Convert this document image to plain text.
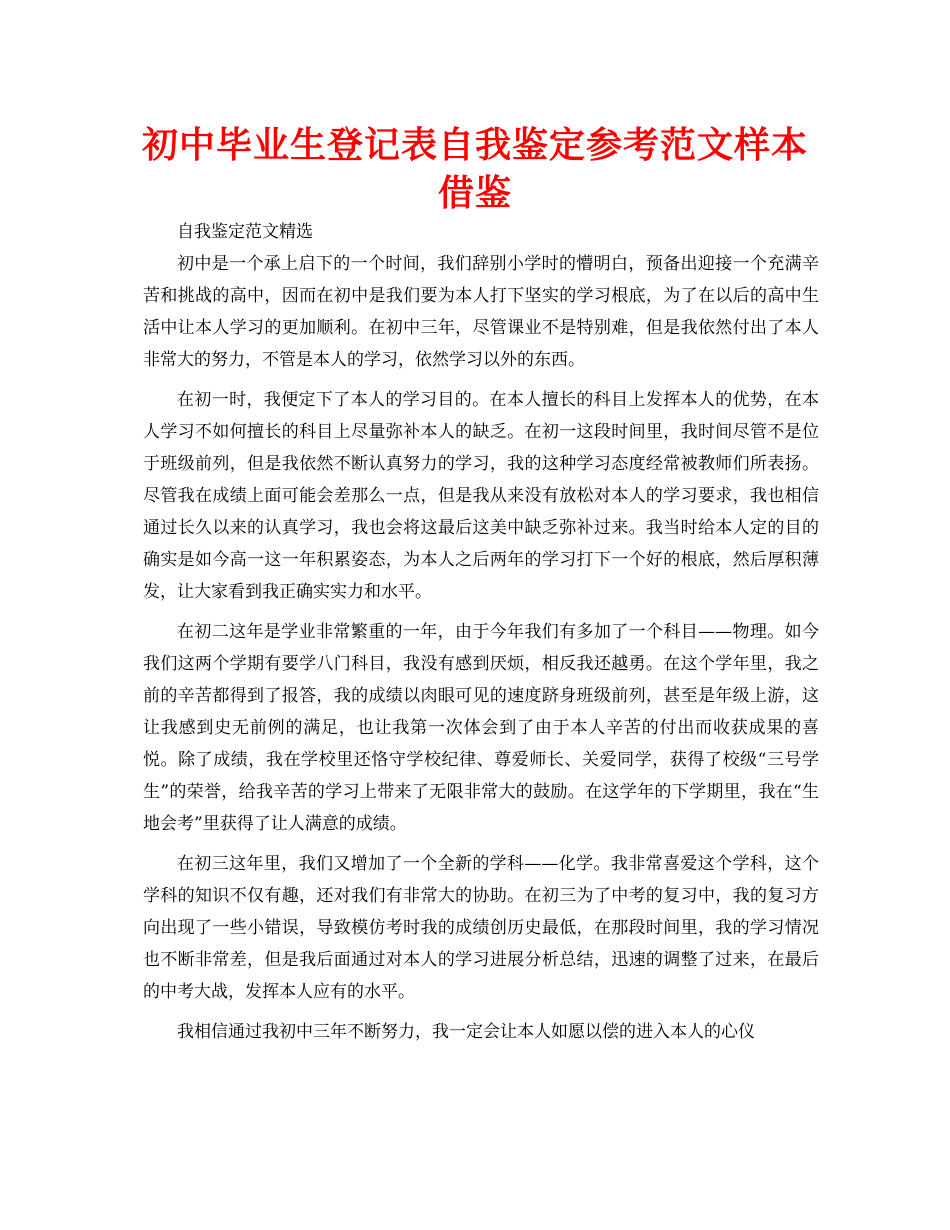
初中毕业生登记表自我鉴定参考范文样本
借鉴

自我鉴定范文精选

初中是一个承上启下的一个时间，我们辞别小学时的懵明白，预备出迎接一个充满辛苦和挑战的高中，因而在初中是我们要为本人打下坚实的学习根底，为了在以后的高中生活中让本人学习的更加顺利。在初中三年，尽管课业不是特别难，但是我依然付出了本人非常大的努力，不管是本人的学习，依然学习以外的东西。

在初一时，我便定下了本人的学习目的。在本人擅长的科目上发挥本人的优势，在本人学习不如何擅长的科目上尽量弥补本人的缺乏。在初一这段时间里，我时间尽管不是位于班级前列，但是我依然不断认真努力的学习，我的这种学习态度经常被教师们所表扬。尽管我在成绩上面可能会差那么一点，但是我从来没有放松对本人的学习要求，我也相信通过长久以来的认真学习，我也会将这最后这美中缺乏弥补过来。我当时给本人定的目的确实是如今高一这一年积累姿态，为本人之后两年的学习打下一个好的根底，然后厚积薄发，让大家看到我正确实实力和水平。

在初二这年是学业非常繁重的一年，由于今年我们有多加了一个科目——物理。如今我们这两个学期有要学八门科目，我没有感到厌烦，相反我还越勇。在这个学年里，我之前的辛苦都得到了报答，我的成绩以肉眼可见的速度跻身班级前列，甚至是年级上游，这让我感到史无前例的满足，也让我第一次体会到了由于本人辛苦的付出而收获成果的喜悦。除了成绩，我在学校里还恪守学校纪律、尊爱师长、关爱同学，获得了校级“三号学生”的荣誉，给我辛苦的学习上带来了无限非常大的鼓励。在这学年的下学期里，我在“生地会考”里获得了让人满意的成绩。

在初三这年里，我们又增加了一个全新的学科——化学。我非常喜爱这个学科，这个学科的知识不仅有趣，还对我们有非常大的协助。在初三为了中考的复习中，我的复习方向出现了一些小错误，导致模仿考时我的成绩创历史最低，在那段时间里，我的学习情况也不断非常差，但是我后面通过对本人的学习进展分析总结，迅速的调整了过来，在最后的中考大战，发挥本人应有的水平。

我相信通过我初中三年不断努力，我一定会让本人如愿以偿的进入本人的心仪
